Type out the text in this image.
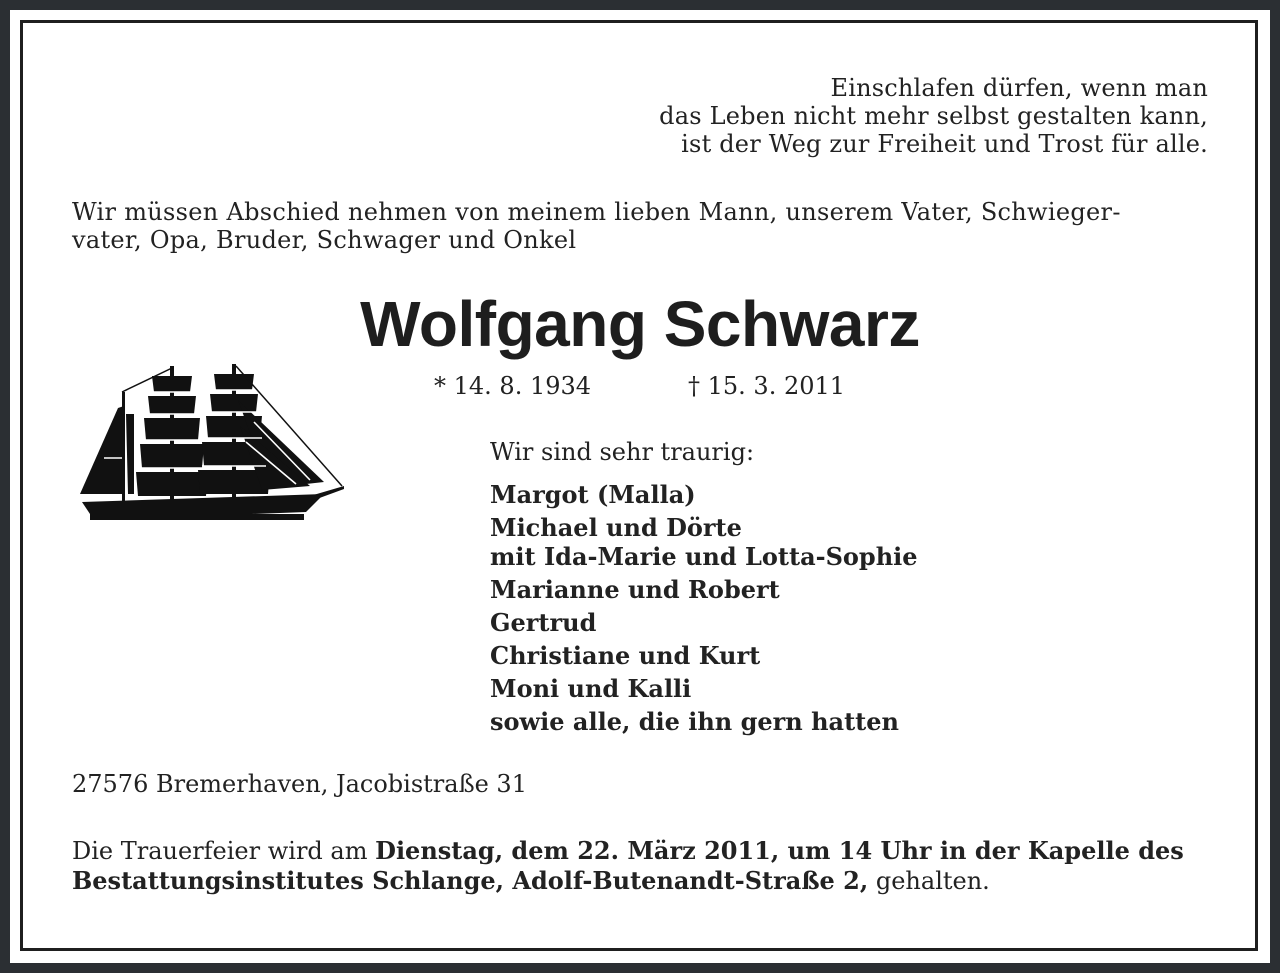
Einschlafen dürfen, wenn man
das Leben nicht mehr selbst gestalten kann,
ist der Weg zur Freiheit und Trost für alle.
Wir müssen Abschied nehmen von meinem lieben Mann, unserem Vater, Schwieger-
vater, Opa, Bruder, Schwager und Onkel
Wolfgang Schwarz
* 14. 8. 1934	† 15. 3. 2011
Wir sind sehr traurig:
Margot (Malla)
Michael und Dörte
mit Ida-Marie und Lotta-Sophie
Marianne und Robert
Gertrud
Christiane und Kurt
Moni und Kalli
sowie alle, die ihn gern hatten
27576 Bremerhaven, Jacobistraße 31
Die Trauerfeier wird am Dienstag, dem 22. März 2011, um 14 Uhr in der Kapelle des
Bestattungsinstitutes Schlange, Adolf-Butenandt-Straße 2, gehalten.
